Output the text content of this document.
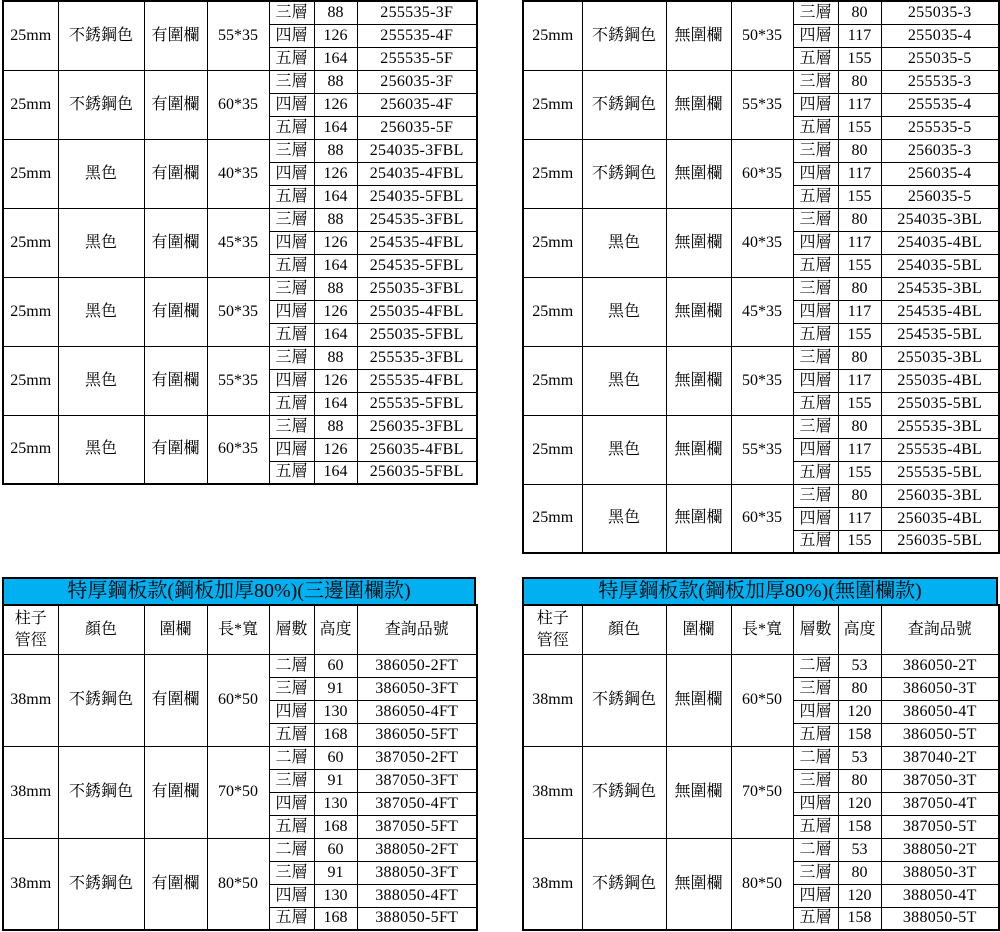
25mm	不銹鋼色	有圍欄	55*35	三層	88	255535-3F
				四層	126	255535-4F
				五層	164	255535-5F
25mm	不銹鋼色	有圍欄	60*35	三層	88	256035-3F
				四層	126	256035-4F
				五層	164	256035-5F
25mm	黑色	有圍欄	40*35	三層	88	254035-3FBL
				四層	126	254035-4FBL
				五層	164	254035-5FBL
25mm	黑色	有圍欄	45*35	三層	88	254535-3FBL
				四層	126	254535-4FBL
				五層	164	254535-5FBL
25mm	黑色	有圍欄	50*35	三層	88	255035-3FBL
				四層	126	255035-4FBL
				五層	164	255035-5FBL
25mm	黑色	有圍欄	55*35	三層	88	255535-3FBL
				四層	126	255535-4FBL
				五層	164	255535-5FBL
25mm	黑色	有圍欄	60*35	三層	88	256035-3FBL
				四層	126	256035-4FBL
				五層	164	256035-5FBL
25mm	不銹鋼色	無圍欄	50*35	三層	80	255035-3
				四層	117	255035-4
				五層	155	255035-5
25mm	不銹鋼色	無圍欄	55*35	三層	80	255535-3
				四層	117	255535-4
				五層	155	255535-5
25mm	不銹鋼色	無圍欄	60*35	三層	80	256035-3
				四層	117	256035-4
				五層	155	256035-5
25mm	黑色	無圍欄	40*35	三層	80	254035-3BL
				四層	117	254035-4BL
				五層	155	254035-5BL
25mm	黑色	無圍欄	45*35	三層	80	254535-3BL
				四層	117	254535-4BL
				五層	155	254535-5BL
25mm	黑色	無圍欄	50*35	三層	80	255035-3BL
				四層	117	255035-4BL
				五層	155	255035-5BL
25mm	黑色	無圍欄	55*35	三層	80	255535-3BL
				四層	117	255535-4BL
				五層	155	255535-5BL
25mm	黑色	無圍欄	60*35	三層	80	256035-3BL
				四層	117	256035-4BL
				五層	155	256035-5BL
特厚鋼板款(鋼板加厚80%)(三邊圍欄款)
柱子
管徑	顏色	圍欄	長*寬	層數	高度	查詢品號
38mm	不銹鋼色	有圍欄	60*50	二層	60	386050-2FT
				三層	91	386050-3FT
				四層	130	386050-4FT
				五層	168	386050-5FT
38mm	不銹鋼色	有圍欄	70*50	二層	60	387050-2FT
				三層	91	387050-3FT
				四層	130	387050-4FT
				五層	168	387050-5FT
38mm	不銹鋼色	有圍欄	80*50	二層	60	388050-2FT
				三層	91	388050-3FT
				四層	130	388050-4FT
				五層	168	388050-5FT
特厚鋼板款(鋼板加厚80%)(無圍欄款)
柱子
管徑	顏色	圍欄	長*寬	層數	高度	查詢品號
38mm	不銹鋼色	無圍欄	60*50	二層	53	386050-2T
				三層	80	386050-3T
				四層	120	386050-4T
				五層	158	386050-5T
38mm	不銹鋼色	無圍欄	70*50	二層	53	387040-2T
				三層	80	387050-3T
				四層	120	387050-4T
				五層	158	387050-5T
38mm	不銹鋼色	無圍欄	80*50	二層	53	388050-2T
				三層	80	388050-3T
				四層	120	388050-4T
				五層	158	388050-5T
